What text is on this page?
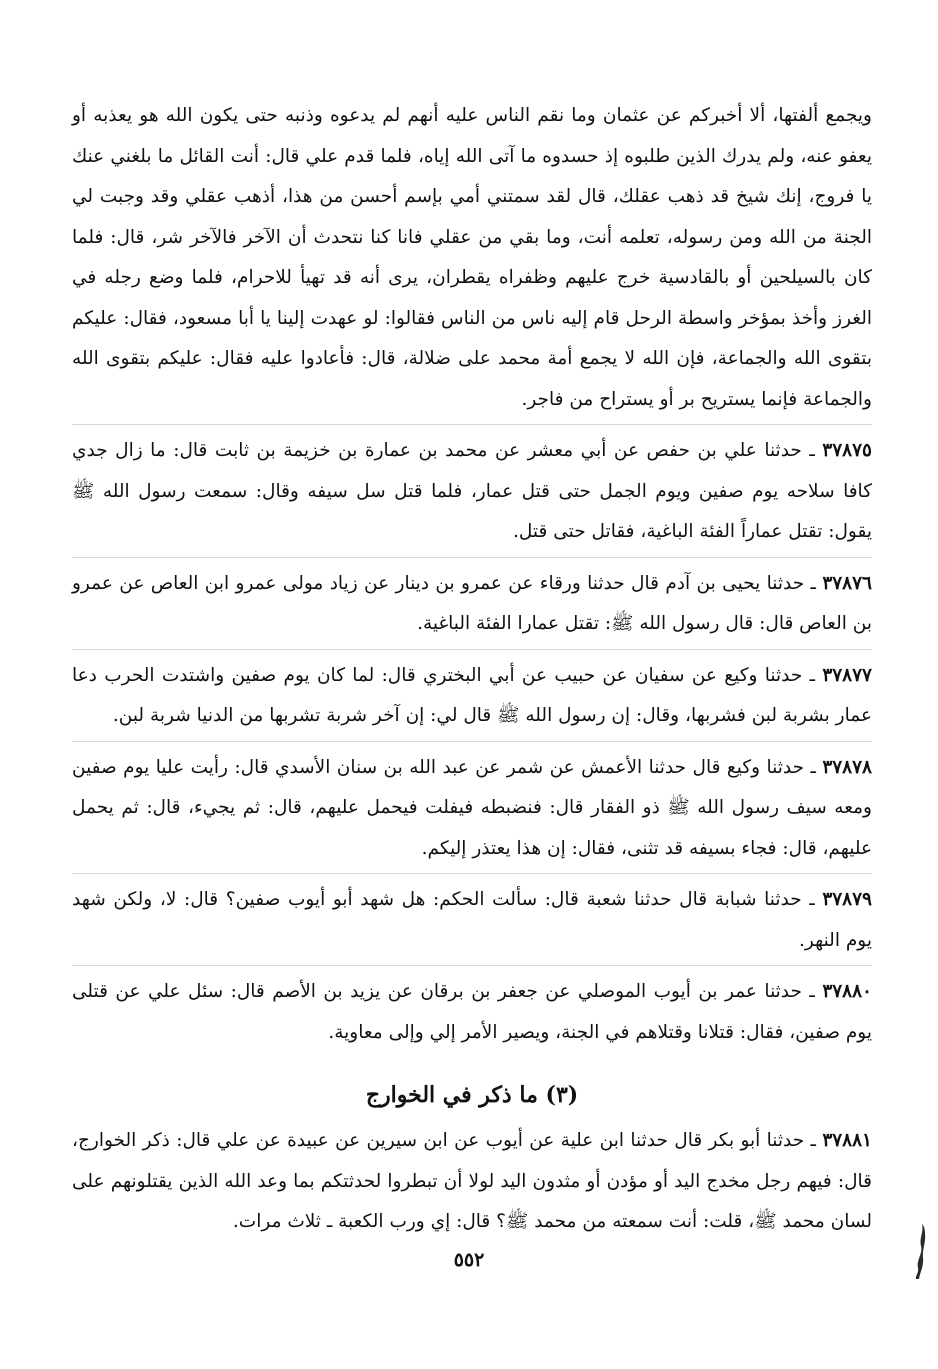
ويجمع ألفتها، ألا أخبركم عن عثمان وما نقم الناس عليه أنهم لم يدعوه وذنبه حتى يكون الله هو يعذبه أو يعفو عنه، ولم يدرك الذين طلبوه إذ حسدوه ما آتى الله إياه، فلما قدم علي قال: أنت القائل ما بلغني عنك يا فروج، إنك شيخ قد ذهب عقلك، قال لقد سمتني أمي بإسم أحسن من هذا، أذهب عقلي وقد وجبت لي الجنة من الله ومن رسوله، تعلمه أنت، وما بقي من عقلي فانا كنا نتحدث أن الآخر فالآخر شر، قال: فلما كان بالسيلحين أو بالقادسية خرج عليهم وظفراه يقطران، يرى أنه قد تهيأ للاحرام، فلما وضع رجله في الغرز وأخذ بمؤخر واسطة الرحل قام إليه ناس من الناس فقالوا: لو عهدت إلينا يا أبا مسعود، فقال: عليكم بتقوى الله والجماعة، فإن الله لا يجمع أمة محمد على ضلالة، قال: فأعادوا عليه فقال: عليكم بتقوى الله والجماعة فإنما يستريح بر أو يستراح من فاجر.

٣٧٨٧٥ ـ حدثنا علي بن حفص عن أبي معشر عن محمد بن عمارة بن خزيمة بن ثابت قال: ما زال جدي كافا سلاحه يوم صفين ويوم الجمل حتى قتل عمار، فلما قتل سل سيفه وقال: سمعت رسول الله ﷺ يقول: تقتل عماراً الفئة الباغية، فقاتل حتى قتل.

٣٧٨٧٦ ـ حدثنا يحيى بن آدم قال حدثنا ورقاء عن عمرو بن دينار عن زياد مولى عمرو ابن العاص عن عمرو بن العاص قال: قال رسول الله ﷺ: تقتل عمارا الفئة الباغية.

٣٧٨٧٧ ـ حدثنا وكيع عن سفيان عن حبيب عن أبي البختري قال: لما كان يوم صفين واشتدت الحرب دعا عمار بشربة لبن فشربها، وقال: إن رسول الله ﷺ قال لي: إن آخر شربة تشربها من الدنيا شربة لبن.

٣٧٨٧٨ ـ حدثنا وكيع قال حدثنا الأعمش عن شمر عن عبد الله بن سنان الأسدي قال: رأيت عليا يوم صفين ومعه سيف رسول الله ﷺ ذو الفقار قال: فنضبطه فيفلت فيحمل عليهم، قال: ثم يجيء، قال: ثم يحمل عليهم، قال: فجاء بسيفه قد تثنى، فقال: إن هذا يعتذر إليكم.

٣٧٨٧٩ ـ حدثنا شبابة قال حدثنا شعبة قال: سألت الحكم: هل شهد أبو أيوب صفين؟ قال: لا، ولكن شهد يوم النهر.

٣٧٨٨٠ ـ حدثنا عمر بن أيوب الموصلي عن جعفر بن برقان عن يزيد بن الأصم قال: سئل علي عن قتلى يوم صفين، فقال: قتلانا وقتلاهم في الجنة، ويصير الأمر إلي وإلى معاوية.

(٣) ما ذكر في الخوارج

٣٧٨٨١ ـ حدثنا أبو بكر قال حدثنا ابن علية عن أيوب عن ابن سيرين عن عبيدة عن علي قال: ذكر الخوارج، قال: فيهم رجل مخدج اليد أو مؤدن أو مثدون اليد لولا أن تبطروا لحدثتكم بما وعد الله الذين يقتلونهم على لسان محمد ﷺ، قلت: أنت سمعته من محمد ﷺ؟ قال: إي ورب الكعبة ـ ثلاث مرات.

٥٥٢
